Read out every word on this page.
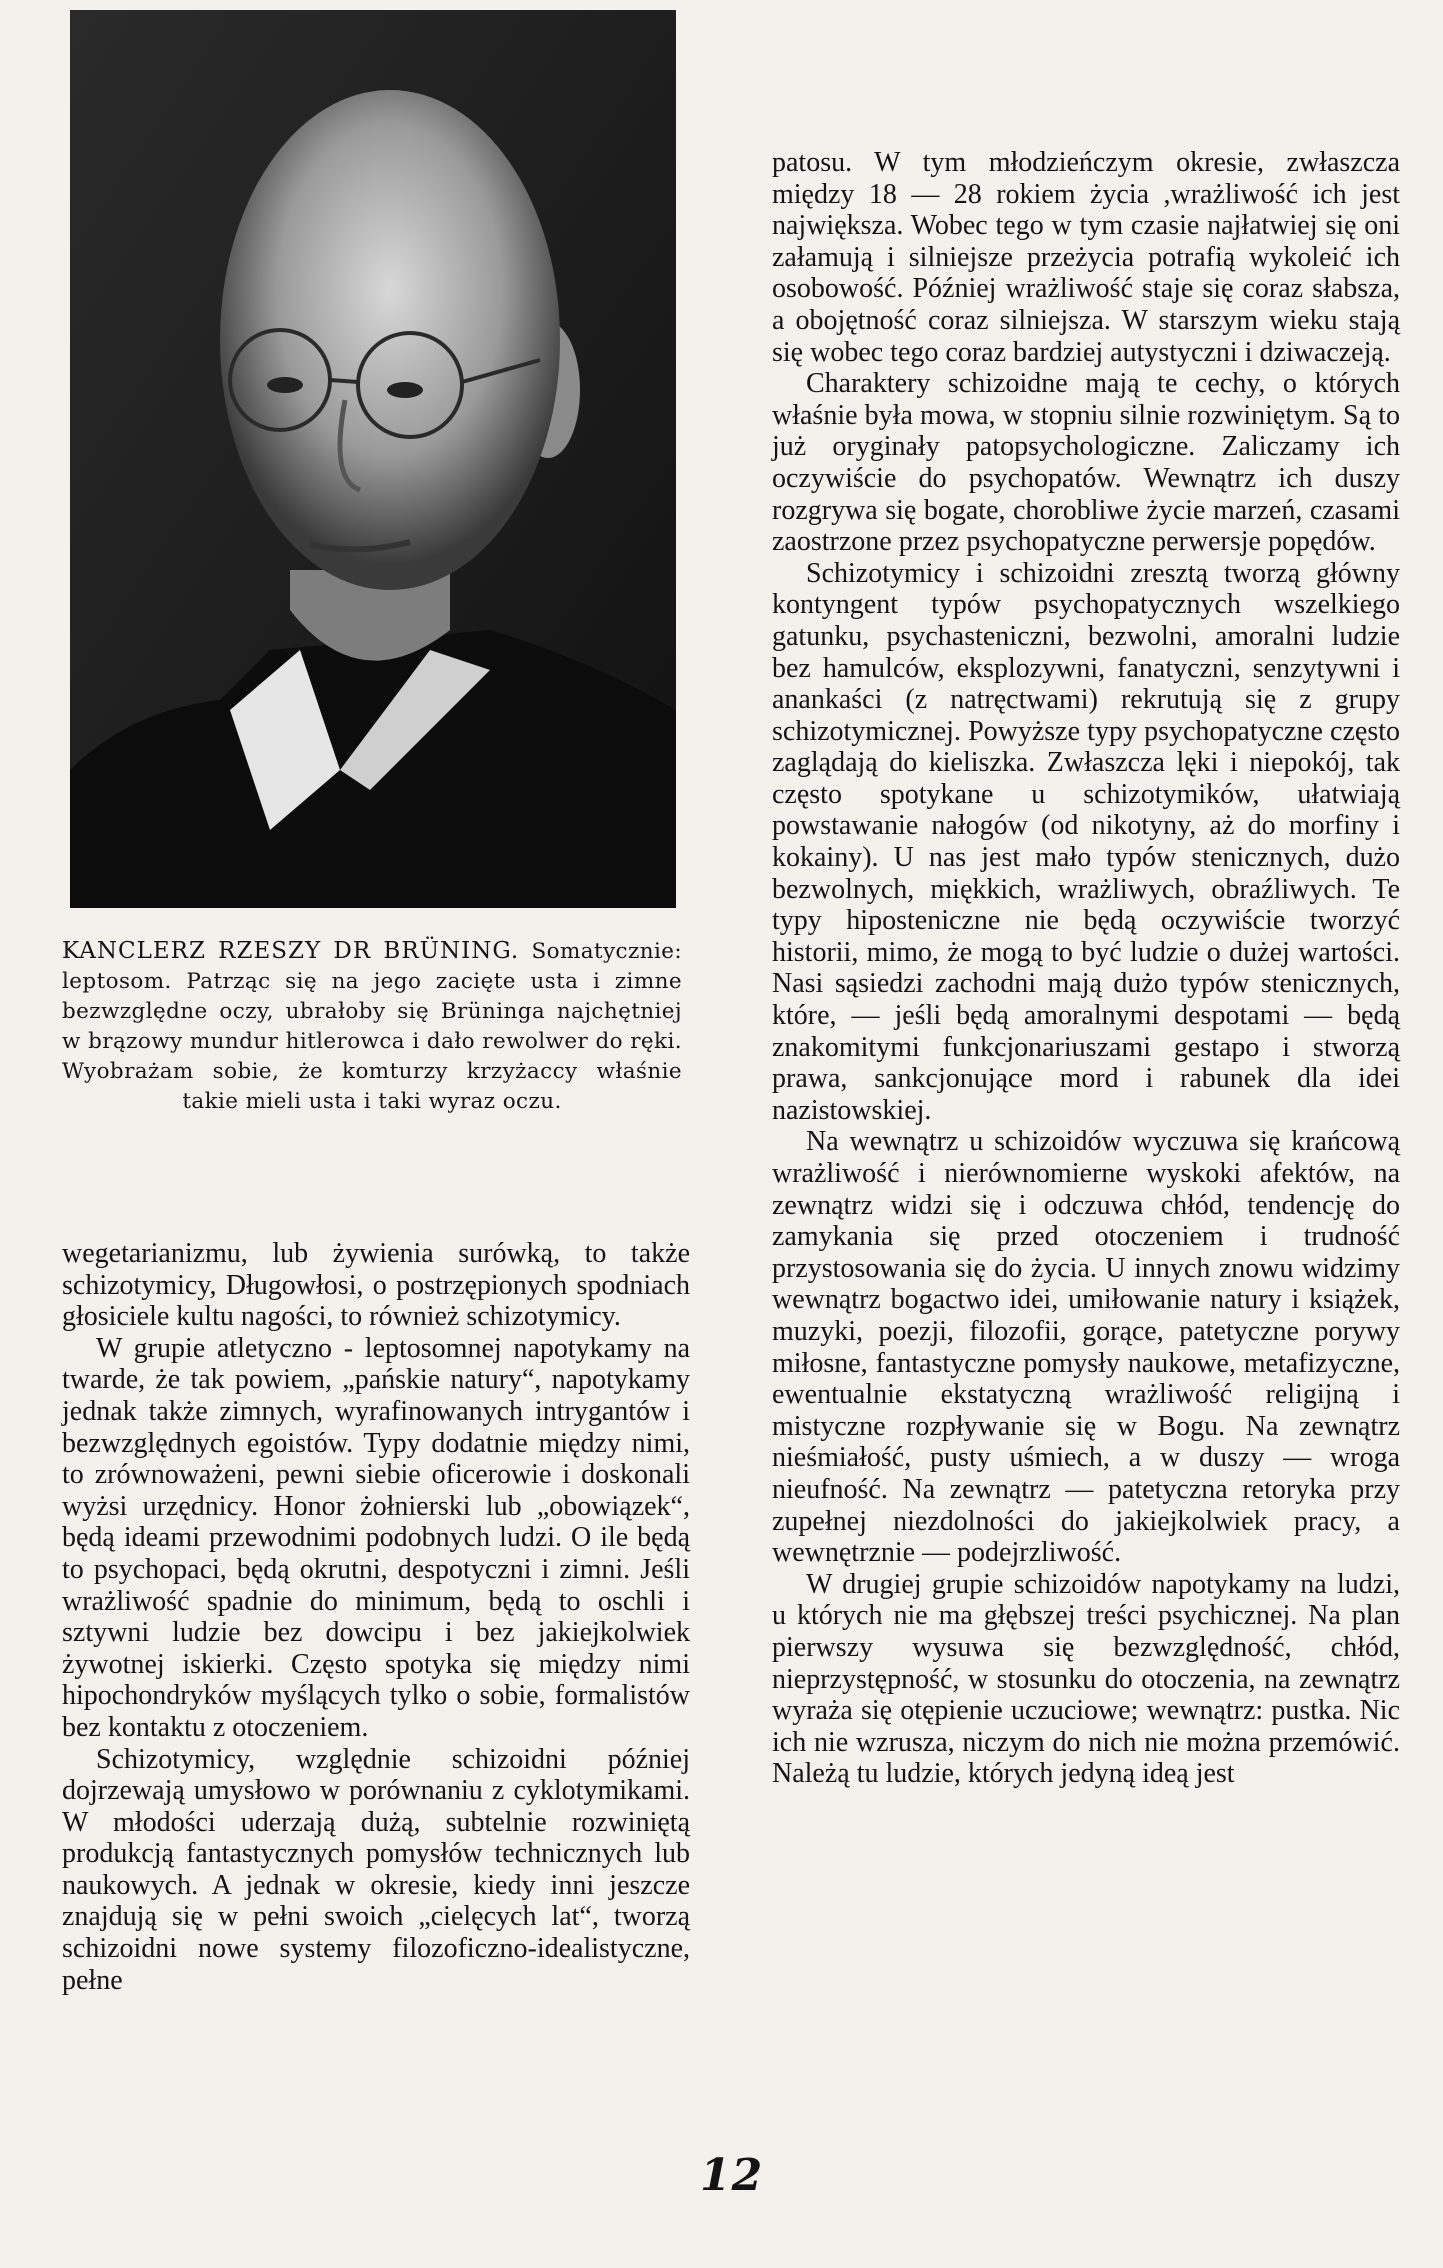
KANCLERZ RZESZY DR BRÜNING. Somatycznie: leptosom. Patrząc się na jego zacięte usta i zimne bezwzględne oczy, ubrałoby się Brüninga najchętniej w brązowy mundur hitlerowca i dało rewolwer do ręki. Wyobrażam sobie, że komturzy krzyżaccy właśnie takie mieli usta i taki wyraz oczu.

wegetarianizmu, lub żywienia surówką, to także schizotymicy, Długowłosi, o postrzępionych spodniach głosiciele kultu nagości, to również schizotymicy.

W grupie atletyczno - leptosomnej napotykamy na twarde, że tak powiem, „pańskie natury“, napotykamy jednak także zimnych, wyrafinowanych intrygantów i bezwzględnych egoistów. Typy dodatnie między nimi, to zrównoważeni, pewni siebie oficerowie i doskonali wyżsi urzędnicy. Honor żołnierski lub „obowiązek“, będą ideami przewodnimi podobnych ludzi. O ile będą to psychopaci, będą okrutni, despotyczni i zimni. Jeśli wrażliwość spadnie do minimum, będą to oschli i sztywni ludzie bez dowcipu i bez jakiejkolwiek żywotnej iskierki. Często spotyka się między nimi hipochondryków myślących tylko o sobie, formalistów bez kontaktu z otoczeniem.

Schizotymicy, względnie schizoidni później dojrzewają umysłowo w porównaniu z cyklotymikami. W młodości uderzają dużą, subtelnie rozwiniętą produkcją fantastycznych pomysłów technicznych lub naukowych. A jednak w okresie, kiedy inni jeszcze znajdują się w pełni swoich „cielęcych lat“, tworzą schizoidni nowe systemy filozoficzno-idealistyczne, pełne

patosu. W tym młodzieńczym okresie, zwłaszcza między 18 — 28 rokiem życia ,wrażliwość ich jest największa. Wobec tego w tym czasie najłatwiej się oni załamują i silniejsze przeżycia potrafią wykoleić ich osobowość. Później wrażliwość staje się coraz słabsza, a obojętność coraz silniejsza. W starszym wieku stają się wobec tego coraz bardziej autystyczni i dziwaczeją.

Charaktery schizoidne mają te cechy, o których właśnie była mowa, w stopniu silnie rozwiniętym. Są to już oryginały patopsychologiczne. Zaliczamy ich oczywiście do psychopatów. Wewnątrz ich duszy rozgrywa się bogate, chorobliwe życie marzeń, czasami zaostrzone przez psychopatyczne perwersje popędów.

Schizotymicy i schizoidni zresztą tworzą główny kontyngent typów psychopatycznych wszelkiego gatunku, psychasteniczni, bezwolni, amoralni ludzie bez hamulców, eksplozywni, fanatyczni, senzytywni i anankaści (z natręctwami) rekrutują się z grupy schizotymicznej. Powyższe typy psychopatyczne często zaglądają do kieliszka. Zwłaszcza lęki i niepokój, tak często spotykane u schizotymików, ułatwiają powstawanie nałogów (od nikotyny, aż do morfiny i kokainy). U nas jest mało typów stenicznych, dużo bezwolnych, miękkich, wrażliwych, obraźliwych. Te typy hiposteniczne nie będą oczywiście tworzyć historii, mimo, że mogą to być ludzie o dużej wartości. Nasi sąsiedzi zachodni mają dużo typów stenicznych, które, — jeśli będą amoralnymi despotami — będą znakomitymi funkcjonariuszami gestapo i stworzą prawa, sankcjonujące mord i rabunek dla idei nazistowskiej.

Na wewnątrz u schizoidów wyczuwa się krańcową wrażliwość i nierównomierne wyskoki afektów, na zewnątrz widzi się i odczuwa chłód, tendencję do zamykania się przed otoczeniem i trudność przystosowania się do życia. U innych znowu widzimy wewnątrz bogactwo idei, umiłowanie natury i książek, muzyki, poezji, filozofii, gorące, patetyczne porywy miłosne, fantastyczne pomysły naukowe, metafizyczne, ewentualnie ekstatyczną wrażliwość religijną i mistyczne rozpływanie się w Bogu. Na zewnątrz nieśmiałość, pusty uśmiech, a w duszy — wroga nieufność. Na zewnątrz — patetyczna retoryka przy zupełnej niezdolności do jakiejkolwiek pracy, a wewnętrznie — podejrzliwość.

W drugiej grupie schizoidów napotykamy na ludzi, u których nie ma głębszej treści psychicznej. Na plan pierwszy wysuwa się bezwzględność, chłód, nieprzystępność, w stosunku do otoczenia, na zewnątrz wyraża się otępienie uczuciowe; wewnątrz: pustka. Nic ich nie wzrusza, niczym do nich nie można przemówić. Należą tu ludzie, których jedyną ideą jest

12
